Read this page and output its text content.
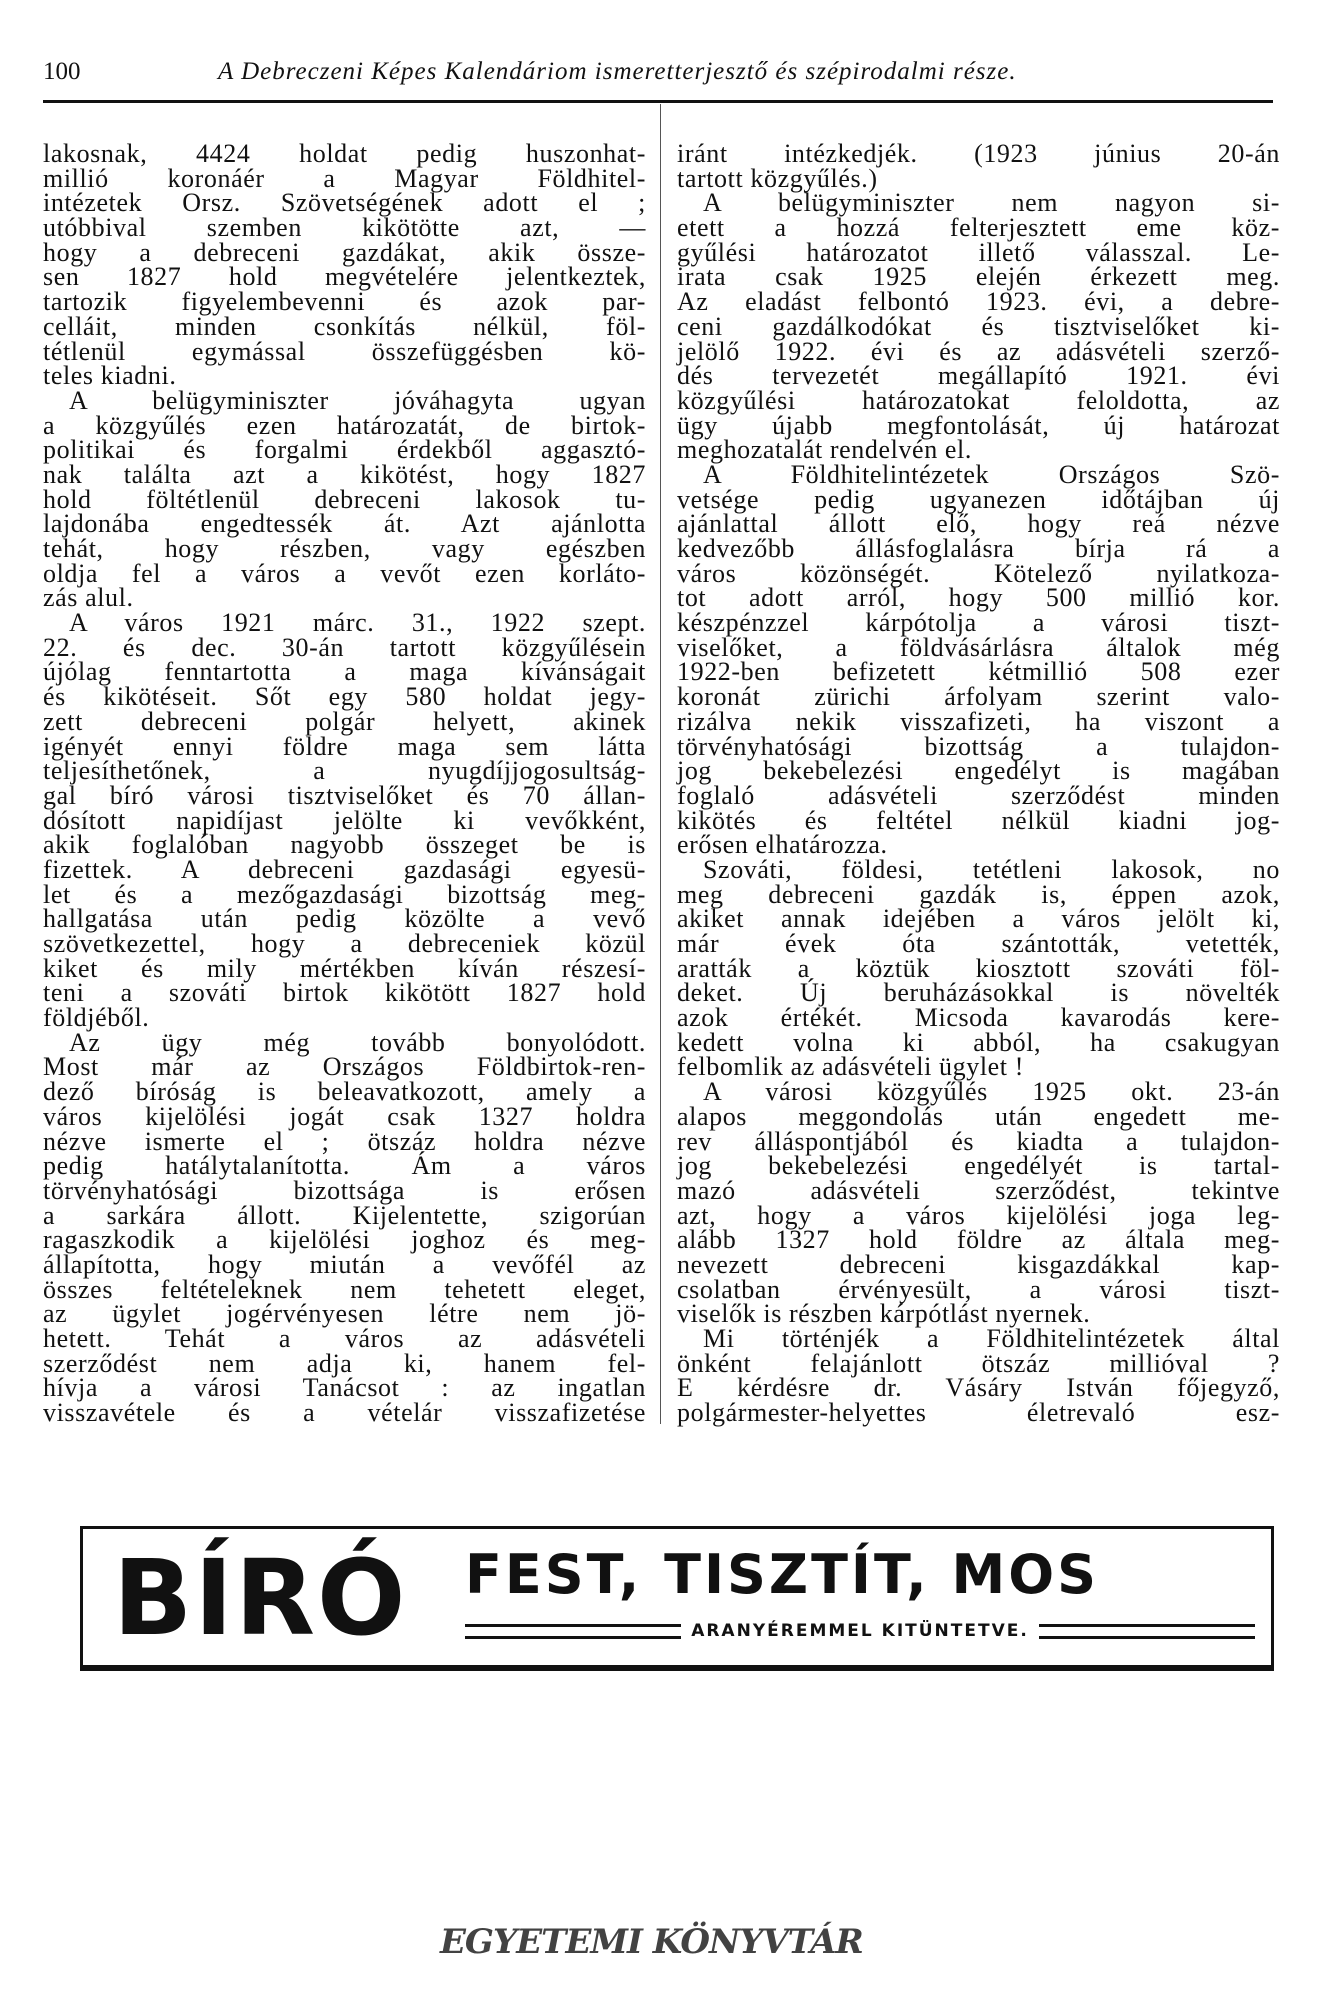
100	A Debreczeni Képes Kalendáriom ismeretterjesztő és szépirodalmi része.
lakosnak, 4424 holdat pedig huszonhat-
millió koronáér a Magyar Földhitel-
intézetek Orsz. Szövetségének adott el ;
utóbbival szemben kikötötte azt, —
hogy a debreceni gazdákat, akik össze-
sen 1827 hold megvételére jelentkeztek,
tartozik figyelembevenni és azok par-
celláit, minden csonkítás nélkül, föl-
tétlenül egymással összefüggésben kö-
teles kiadni.
A belügyminiszter jóváhagyta ugyan
a közgyűlés ezen határozatát, de birtok-
politikai és forgalmi érdekből aggasztó-
nak találta azt a kikötést, hogy 1827
hold föltétlenül debreceni lakosok tu-
lajdonába engedtessék át. Azt ajánlotta
tehát, hogy részben, vagy egészben
oldja fel a város a vevőt ezen korláto-
zás alul.
A város 1921 márc. 31., 1922 szept.
22. és dec. 30-án tartott közgyűlésein
újólag fenntartotta a maga kívánságait
és kikötéseit. Sőt egy 580 holdat jegy-
zett debreceni polgár helyett, akinek
igényét ennyi földre maga sem látta
teljesíthetőnek, a nyugdíjjogosultság-
gal bíró városi tisztviselőket és 70 állan-
dósított napidíjast jelölte ki vevőkként,
akik foglalóban nagyobb összeget be is
fizettek. A debreceni gazdasági egyesü-
let és a mezőgazdasági bizottság meg-
hallgatása után pedig közölte a vevő
szövetkezettel, hogy a debreceniek közül
kiket és mily mértékben kíván részesí-
teni a szováti birtok kikötött 1827 hold
földjéből.
Az ügy még tovább bonyolódott.
Most már az Országos Földbirtok-ren-
dező bíróság is beleavatkozott, amely a
város kijelölési jogát csak 1327 holdra
nézve ismerte el ; ötszáz holdra nézve
pedig hatálytalanította. Ám a város
törvényhatósági bizottsága is erősen
a sarkára állott. Kijelentette, szigorúan
ragaszkodik a kijelölési joghoz és meg-
állapította, hogy miután a vevőfél az
összes feltételeknek nem tehetett eleget,
az ügylet jogérvényesen létre nem jö-
hetett. Tehát a város az adásvételi
szerződést nem adja ki, hanem fel-
hívja a városi Tanácsot : az ingatlan
visszavétele és a vételár visszafizetése
iránt intézkedjék. (1923 június 20-án
tartott közgyűlés.)
A belügyminiszter nem nagyon si-
etett a hozzá felterjesztett eme köz-
gyűlési határozatot illető válasszal. Le-
irata csak 1925 elején érkezett meg.
Az eladást felbontó 1923. évi, a debre-
ceni gazdálkodókat és tisztviselőket ki-
jelölő 1922. évi és az adásvételi szerző-
dés tervezetét megállapító 1921. évi
közgyűlési határozatokat feloldotta, az
ügy újabb megfontolását, új határozat
meghozatalát rendelvén el.
A Földhitelintézetek Országos Szö-
vetsége pedig ugyanezen időtájban új
ajánlattal állott elő, hogy reá nézve
kedvezőbb állásfoglalásra bírja rá a
város közönségét. Kötelező nyilatkoza-
tot adott arról, hogy 500 millió kor.
készpénzzel kárpótolja a városi tiszt-
viselőket, a földvásárlásra általok még
1922-ben befizetett kétmillió 508 ezer
koronát zürichi árfolyam szerint valo-
rizálva nekik visszafizeti, ha viszont a
törvényhatósági bizottság a tulajdon-
jog bekebelezési engedélyt is magában
foglaló adásvételi szerződést minden
kikötés és feltétel nélkül kiadni jog-
erősen elhatározza.
Szováti, földesi, tetétleni lakosok, no
meg debreceni gazdák is, éppen azok,
akiket annak idejében a város jelölt ki,
már évek óta szántották, vetették,
aratták a köztük kiosztott szováti föl-
deket. Új beruházásokkal is növelték
azok értékét. Micsoda kavarodás kere-
kedett volna ki abból, ha csakugyan
felbomlik az adásvételi ügylet !
A városi közgyűlés 1925 okt. 23-án
alapos meggondolás után engedett me-
rev álláspontjából és kiadta a tulajdon-
jog bekebelezési engedélyét is tartal-
mazó adásvételi szerződést, tekintve
azt, hogy a város kijelölési joga leg-
alább 1327 hold földre az általa meg-
nevezett debreceni kisgazdákkal kap-
csolatban érvényesült, a városi tiszt-
viselők is részben kárpótlást nyernek.
Mi történjék a Földhitelintézetek által
önként felajánlott ötszáz millióval ?
E kérdésre dr. Vásáry István főjegyző,
polgármester-helyettes életrevaló esz-
BÍRÓ FEST, TISZTÍT, MOS
ARANYÉREMMEL KITÜNTETVE.
EGYETEMI KÖNYVTÁR
